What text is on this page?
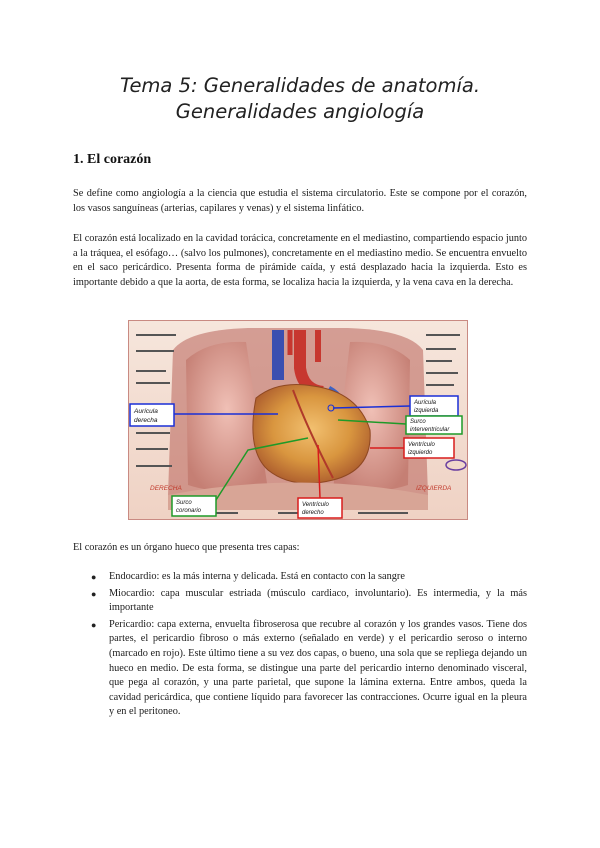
Tema 5: Generalidades de anatomía.
Generalidades angiología
1. El corazón

Se define como angiología a la ciencia que estudia el sistema circulatorio. Este se compone por el corazón, los vasos sanguíneas (arterias, capilares y venas) y el sistema linfático.

El corazón está localizado en la cavidad torácica, concretamente en el mediastino, compartiendo espacio junto a la tráquea, el esófago… (salvo los pulmones), concretamente en el mediastino medio. Se encuentra envuelto en el saco pericárdico. Presenta forma de pirámide caída, y está desplazado hacia la izquierda. Esto es importante debido a que la aorta, de esta forma, se localiza hacia la izquierda, y la vena cava en la derecha.

Aurícula
derecha
Aurícula
izquierda
Surco
interventricular
Ventrículo
izquierdo
Surco
coronario
Ventrículo
derecho
DERECHA	IZQUIERDA

El corazón es un órgano hueco que presenta tres capas:

● Endocardio: es la más interna y delicada. Está en contacto con la sangre
● Miocardio: capa muscular estriada (músculo cardiaco, involuntario). Es intermedia, y la más importante
● Pericardio: capa externa, envuelta fibroserosa que recubre al corazón y los grandes vasos. Tiene dos partes, el pericardio fibroso o más externo (señalado en verde) y el pericardio seroso o interno (marcado en rojo). Este último tiene a su vez dos capas, o bueno, una sola que se repliega dejando un hueco en medio. De esta forma, se distingue una parte del pericardio interno denominado visceral, que pega al corazón, y una parte parietal, que supone la lámina externa. Entre ambos, queda la cavidad pericárdica, que contiene líquido para favorecer las contracciones. Ocurre igual en la pleura y en el peritoneo.
